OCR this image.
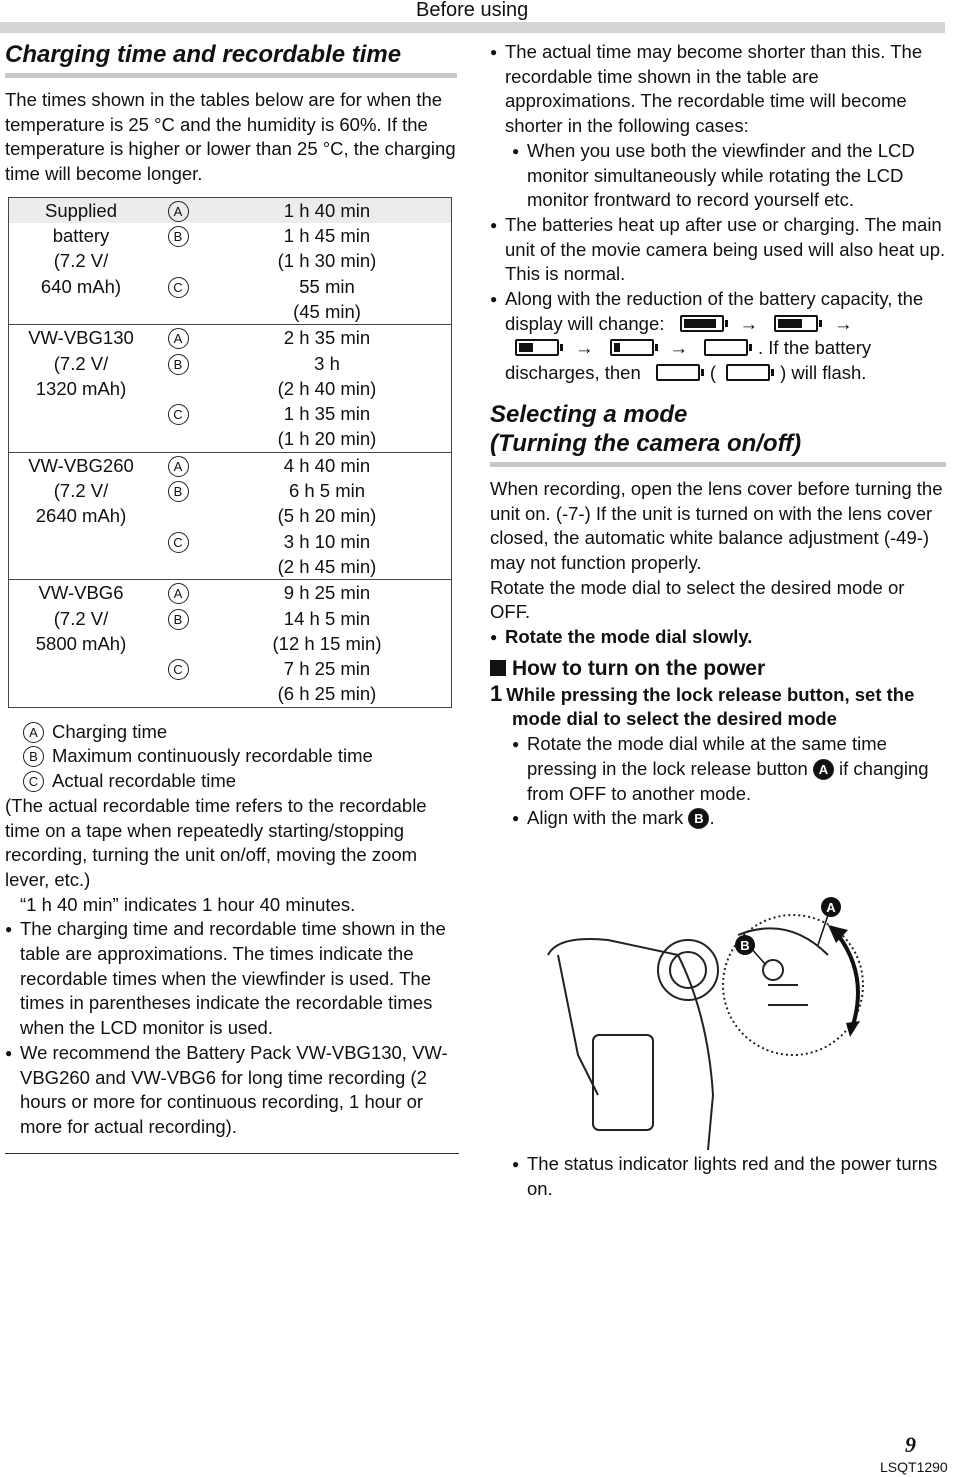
Before using
Charging time and recordable time

The times shown in the tables below are for when the temperature is 25 °C and the humidity is 60%. If the temperature is higher or lower than 25 °C, the charging time will become longer.

Supplied	A	1 h 40 min
battery	B	1 h 45 min
(7.2 V/		(1 h 30 min)
640 mAh)	C	55 min
		(45 min)
VW-VBG130	A	2 h 35 min
(7.2 V/	B	3 h
1320 mAh)		(2 h 40 min)
	C	1 h 35 min
		(1 h 20 min)
VW-VBG260	A	4 h 40 min
(7.2 V/	B	6 h 5 min
2640 mAh)		(5 h 20 min)
	C	3 h 10 min
		(2 h 45 min)
VW-VBG6	A	9 h 25 min
(7.2 V/	B	14 h 5 min
5800 mAh)		(12 h 15 min)
	C	7 h 25 min
		(6 h 25 min)
A Charging time
B Maximum continuously recordable time
C Actual recordable time

(The actual recordable time refers to the recordable time on a tape when repeatedly starting/stopping recording, turning the unit on/off, moving the zoom lever, etc.)

“1 h 40 min” indicates 1 hour 40 minutes.

● The charging time and recordable time shown in the table are approximations. The times indicate the recordable times when the viewfinder is used. The times in parentheses indicate the recordable times when the LCD monitor is used.

● We recommend the Battery Pack VW-VBG130, VW-VBG260 and VW-VBG6 for long time recording (2 hours or more for continuous recording, 1 hour or more for actual recording).

● The actual time may become shorter than this. The recordable time shown in the table are approximations. The recordable time will become shorter in the following cases:

● When you use both the viewfinder and the LCD monitor simultaneously while rotating the LCD monitor frontward to record yourself etc.

● The batteries heat up after use or charging. The main unit of the movie camera being used will also heat up. This is normal.

● Along with the reduction of the battery capacity, the display will change:	→	→

→	→	. If the battery discharges, then	(	) will flash.

Selecting a mode
(Turning the camera on/off)

When recording, open the lens cover before turning the unit on. (-7-) If the unit is turned on with the lens cover closed, the automatic white balance adjustment (-49-) may not function properly.

Rotate the mode dial to select the desired mode or OFF.

● Rotate the mode dial slowly.

How to turn on the power

1 While pressing the lock release button, set the mode dial to select the desired mode

● Rotate the mode dial while at the same time pressing in the lock release button A if changing from OFF to another mode.

● Align with the mark B .

A
B

● The status indicator lights red and the power turns on.

9
LSQT1290
